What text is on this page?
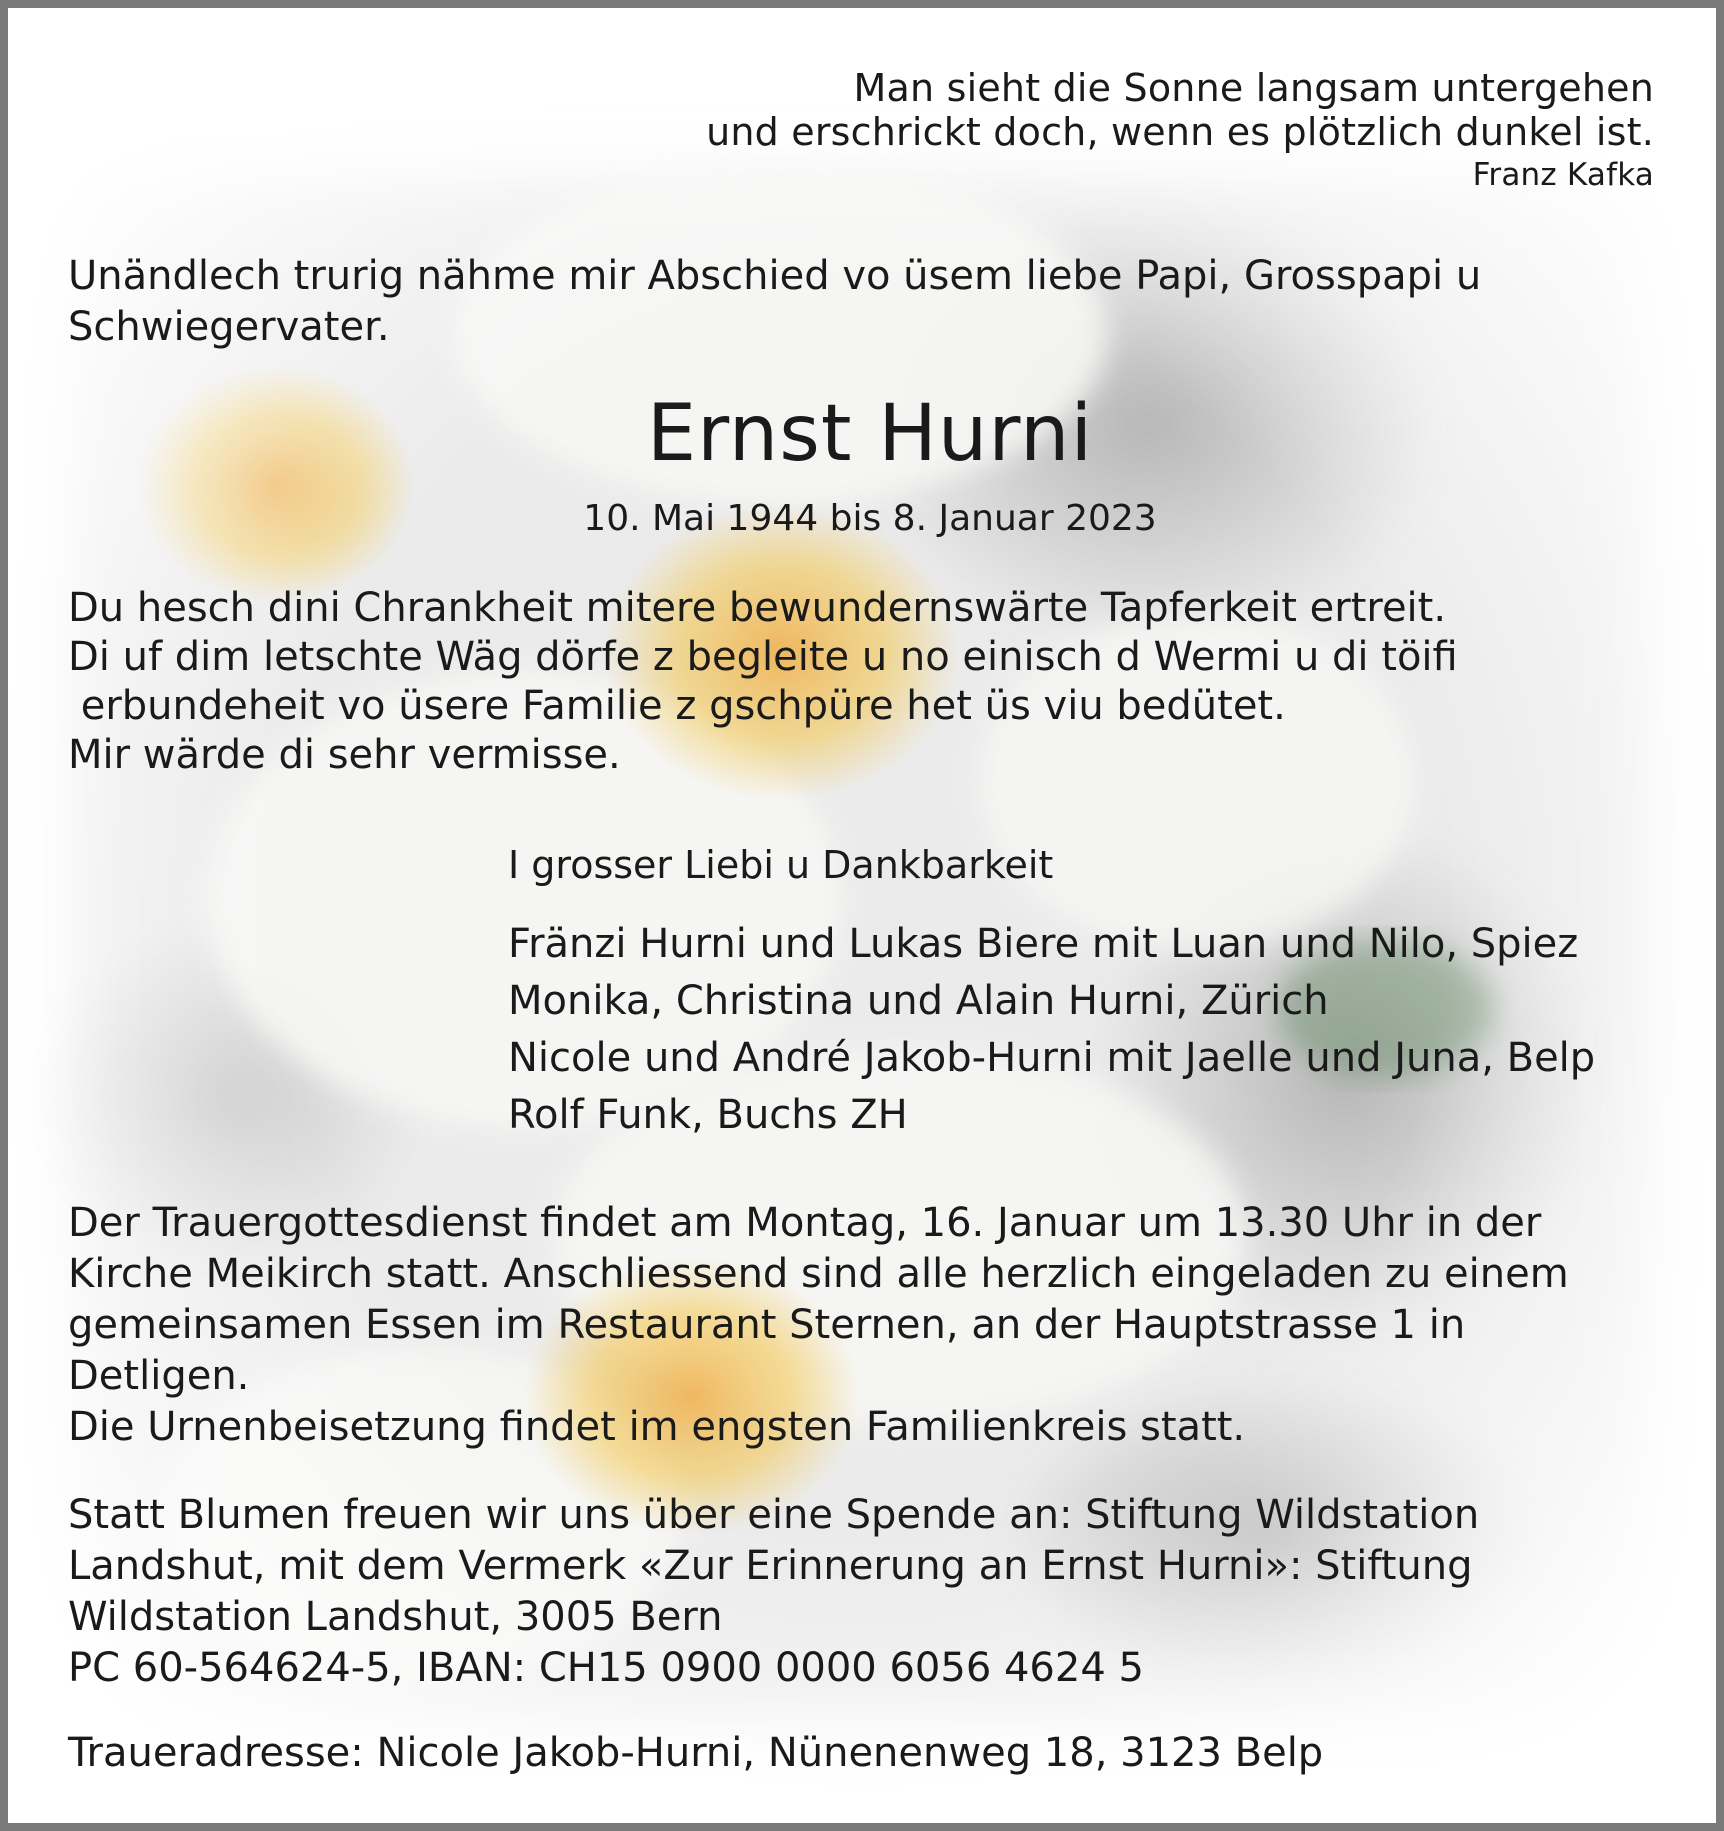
Man sieht die Sonne langsam untergehen
und erschrickt doch, wenn es plötzlich dunkel ist.
Franz Kafka
Unändlech trurig nähme mir Abschied vo üsem liebe Papi, Grosspapi u Schwiegervater.
Ernst Hurni
10. Mai 1944 bis 8. Januar 2023
Du hesch dini Chrankheit mitere bewundernswärte Tapferkeit ertreit.
Di uf dim letschte Wäg dörfe z begleite u no einisch d Wermi u di töifi
erbundeheit vo üsere Familie z gschpüre het üs viu bedütet.
Mir wärde di sehr vermisse.
I grosser Liebi u Dankbarkeit
Fränzi Hurni und Lukas Biere mit Luan und Nilo, Spiez
Monika, Christina und Alain Hurni, Zürich
Nicole und André Jakob-Hurni mit Jaelle und Juna, Belp
Rolf Funk, Buchs ZH
Der Trauergottesdienst findet am Montag, 16. Januar um 13.30 Uhr in der
Kirche Meikirch statt. Anschliessend sind alle herzlich eingeladen zu einem
gemeinsamen Essen im Restaurant Sternen, an der Hauptstrasse 1 in
Detligen.
Die Urnenbeisetzung findet im engsten Familienkreis statt.
Statt Blumen freuen wir uns über eine Spende an: Stiftung Wildstation
Landshut, mit dem Vermerk «Zur Erinnerung an Ernst Hurni»: Stiftung
Wildstation Landshut, 3005 Bern
PC 60-564624-5, IBAN: CH15 0900 0000 6056 4624 5
Traueradresse: Nicole Jakob-Hurni, Nünenenweg 18, 3123 Belp
